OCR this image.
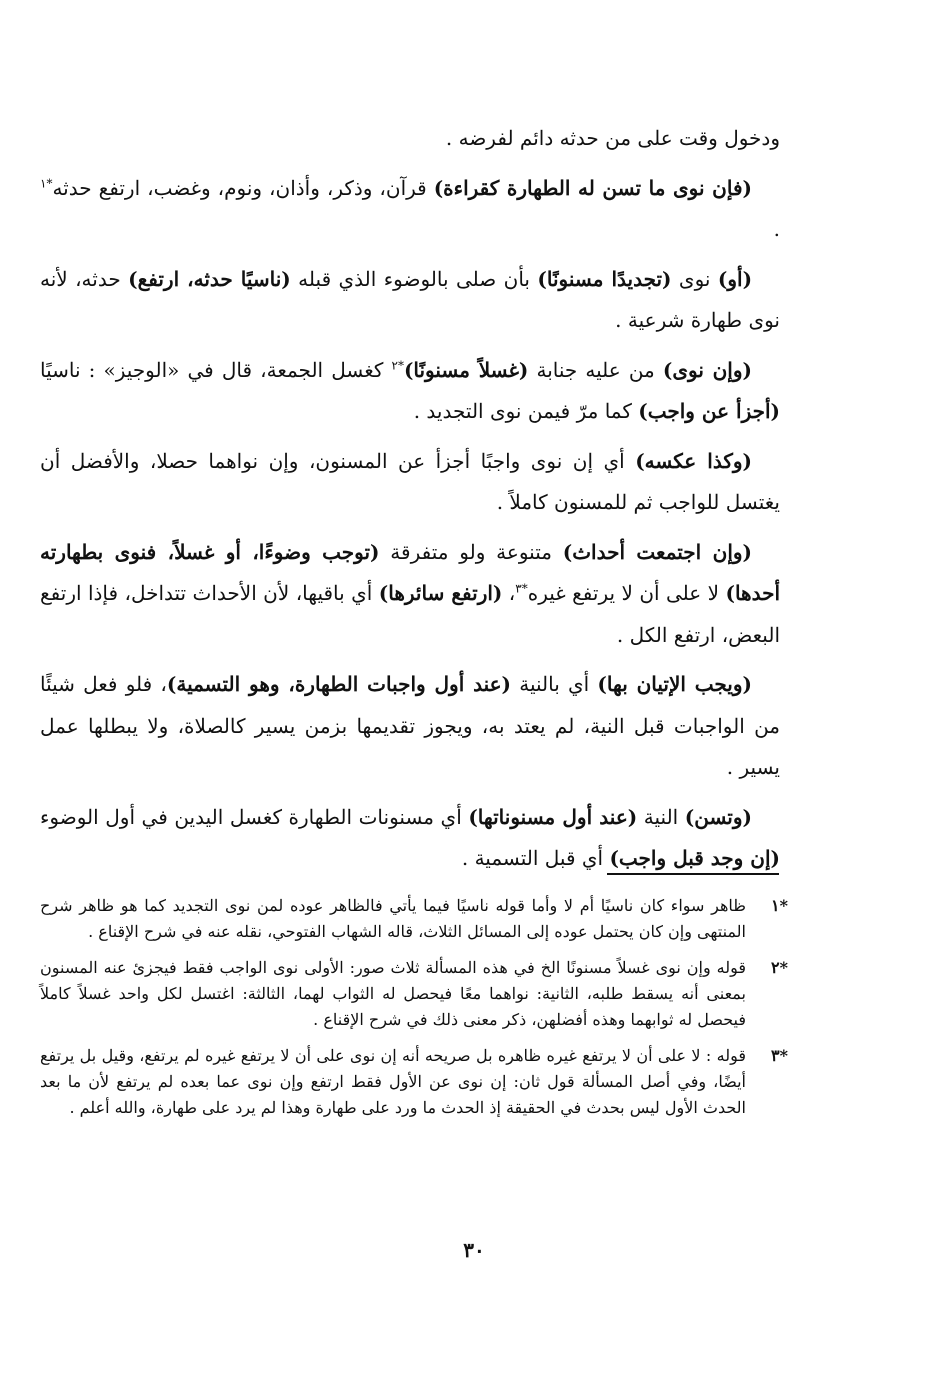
ودخول وقت على من حدثه دائم لفرضه .

(فإن نوى ما تسن له الطهارة كقراءة) قرآن، وذكر، وأذان، ونوم، وغضب، ارتفع حدثه$^{*١}$ .

(أو) نوى (تجديدًا مسنونًا) بأن صلى بالوضوء الذي قبله (ناسيًا حدثه، ارتفع) حدثه، لأنه نوى طهارة شرعية .

(وإن نوى) من عليه جنابة (غسلاً مسنونًا)$^{*٢}$ كغسل الجمعة، قال في «الوجيز» : ناسيًا (أجزأ عن واجب) كما مرّ فيمن نوى التجديد .

(وكذا عكسه) أي إن نوى واجبًا أجزأ عن المسنون، وإن نواهما حصلا، والأفضل أن يغتسل للواجب ثم للمسنون كاملاً .

(وإن اجتمعت أحداث) متنوعة ولو متفرقة (توجب وضوءًا، أو غسلاً، فنوى بطهارته أحدها) لا على أن لا يرتفع غيره$^{*٣}$، (ارتفع سائرها) أي باقيها، لأن الأحداث تتداخل، فإذا ارتفع البعض، ارتفع الكل .

(ويجب الإتيان بها) أي بالنية (عند أول واجبات الطهارة، وهو التسمية)، فلو فعل شيئًا من الواجبات قبل النية، لم يعتد به، ويجوز تقديمها بزمن يسير كالصلاة، ولا يبطلها عمل يسير .

(وتسن) النية (عند أول مسنوناتها) أي مسنونات الطهارة كغسل اليدين في أول الوضوء (إن وجد قبل واجب) أي قبل التسمية .

*١
ظاهر سواء كان ناسيًا أم لا وأما قوله ناسيًا فيما يأتي فالظاهر عوده لمن نوى التجديد كما هو ظاهر شرح المنتهى وإن كان يحتمل عوده إلى المسائل الثلاث، قاله الشهاب الفتوحي، نقله عنه في شرح الإقناع .
*٢
قوله وإن نوى غسلاً مسنونًا الخ في هذه المسألة ثلاث صور: الأولى نوى الواجب فقط فيجزئ عنه المسنون بمعنى أنه يسقط طلبه، الثانية: نواهما معًا فيحصل له الثواب لهما، الثالثة: اغتسل لكل واحد غسلاً كاملاً فيحصل له ثوابهما وهذه أفضلهن، ذكر معنى ذلك في شرح الإقناع .
*٣
قوله : لا على أن لا يرتفع غيره ظاهره بل صريحه أنه إن نوى على أن لا يرتفع غيره لم يرتفع، وقيل بل يرتفع أيضًا، وفي أصل المسألة قول ثان: إن نوى عن الأول فقط ارتفع وإن نوى عما بعده لم يرتفع لأن ما بعد الحدث الأول ليس بحدث في الحقيقة إذ الحدث ما ورد على طهارة وهذا لم يرد على طهارة، والله أعلم .
٣٠
